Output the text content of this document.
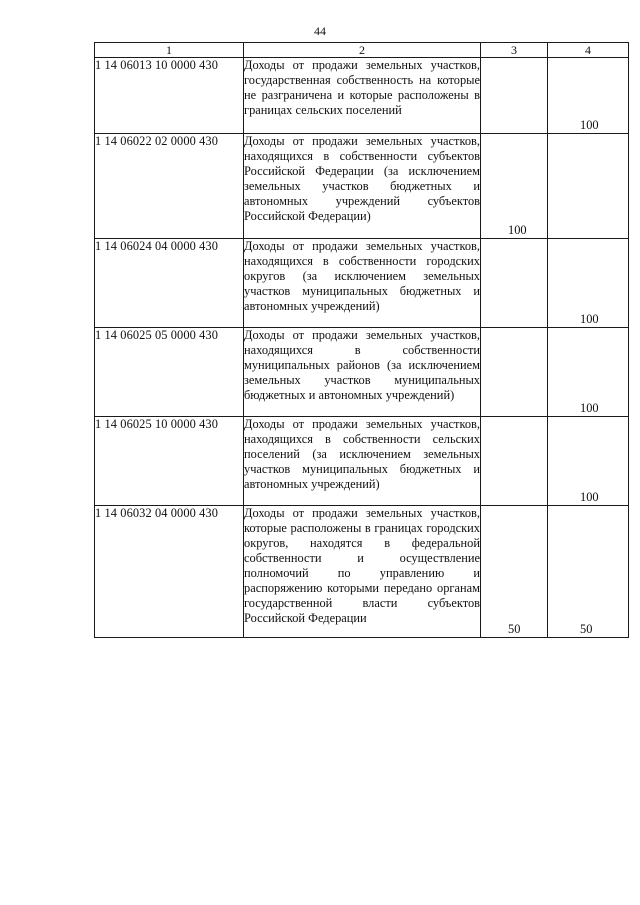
44
1	2	3	4
1 14 06013 10 0000 430	Доходы от продажи земельных участков, государственная собственность на которые не разграничена и которые расположены в границах сельских поселений		100

1 14 06022 02 0000 430	Доходы от продажи земельных участков, находящихся в собственности субъектов Российской Федерации (за исключением земельных участков бюджетных и автономных учреждений субъектов Российской Федерации)	100	

1 14 06024 04 0000 430	Доходы от продажи земельных участков, находящихся в собственности городских округов (за исключением земельных участков муниципальных бюджетных и автономных учреждений)		100

1 14 06025 05 0000 430	Доходы от продажи земельных участков, находящихся в собственности муниципальных районов (за исключением земельных участков муниципальных бюджетных и автономных учреждений)		100

1 14 06025 10 0000 430	Доходы от продажи земельных участков, находящихся в собственности сельских поселений (за исключением земельных участков муниципальных бюджетных и автономных учреждений)		100

1 14 06032 04 0000 430	Доходы от продажи земельных участков, которые расположены в границах городских округов, находятся в федеральной собственности и осуществление полномочий по управлению и распоряжению которыми передано органам государственной власти субъектов Российской Федерации	50	50
